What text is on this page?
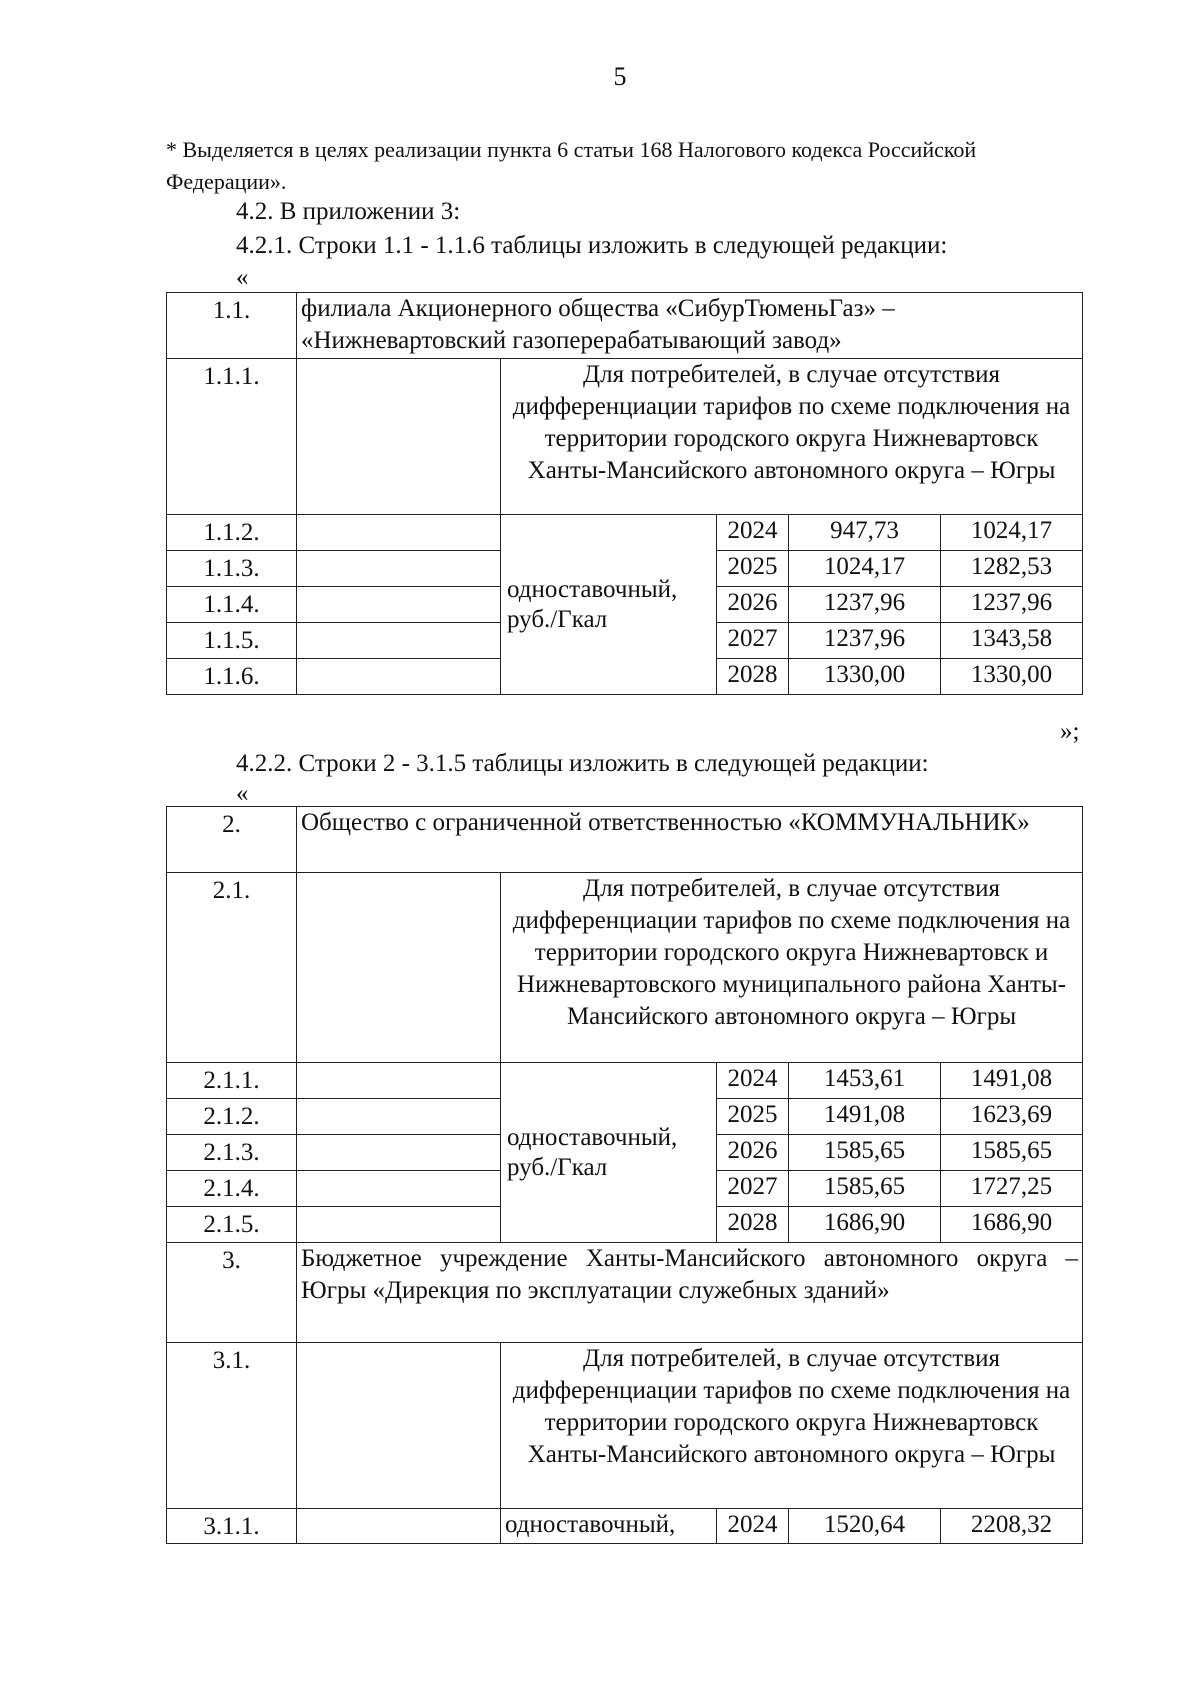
5
* Выделяется в целях реализации пункта 6 статьи 168 Налогового кодекса Российской
Федерации».
4.2. В приложении 3:
4.2.1. Строки 1.1 - 1.1.6 таблицы изложить в следующей редакции:
«
1.1.	филиала Акционерного общества «СибурТюменьГаз» – «Нижневартовский газоперерабатывающий завод»				
1.1.1.		Для потребителей, в случае отсутствия дифференциации тарифов по схеме подключения на территории городского округа Нижневартовск Ханты-Мансийского автономного округа – Югры			
1.1.2.		одноставочный, руб./Гкал	2024	947,73	1024,17
1.1.3.			2025	1024,17	1282,53
1.1.4.			2026	1237,96	1237,96
1.1.5.			2027	1237,96	1343,58
1.1.6.			2028	1330,00	1330,00
»;
4.2.2. Строки 2 - 3.1.5 таблицы изложить в следующей редакции:
«
2.	Общество с ограниченной ответственностью «КОММУНАЛЬНИК»				
2.1.		Для потребителей, в случае отсутствия дифференциации тарифов по схеме подключения на территории городского округа Нижневартовск и Нижневартовского муниципального района Ханты-Мансийского автономного округа – Югры			
2.1.1.		одноставочный, руб./Гкал	2024	1453,61	1491,08
2.1.2.			2025	1491,08	1623,69
2.1.3.			2026	1585,65	1585,65
2.1.4.			2027	1585,65	1727,25
2.1.5.			2028	1686,90	1686,90
3.	Бюджетное учреждение Ханты-Мансийского автономного округа – Югры «Дирекция по эксплуатации служебных зданий»				
3.1.		Для потребителей, в случае отсутствия дифференциации тарифов по схеме подключения на территории городского округа Нижневартовск Ханты-Мансийского автономного округа – Югры			
3.1.1.		одноставочный,	2024	1520,64	2208,32
